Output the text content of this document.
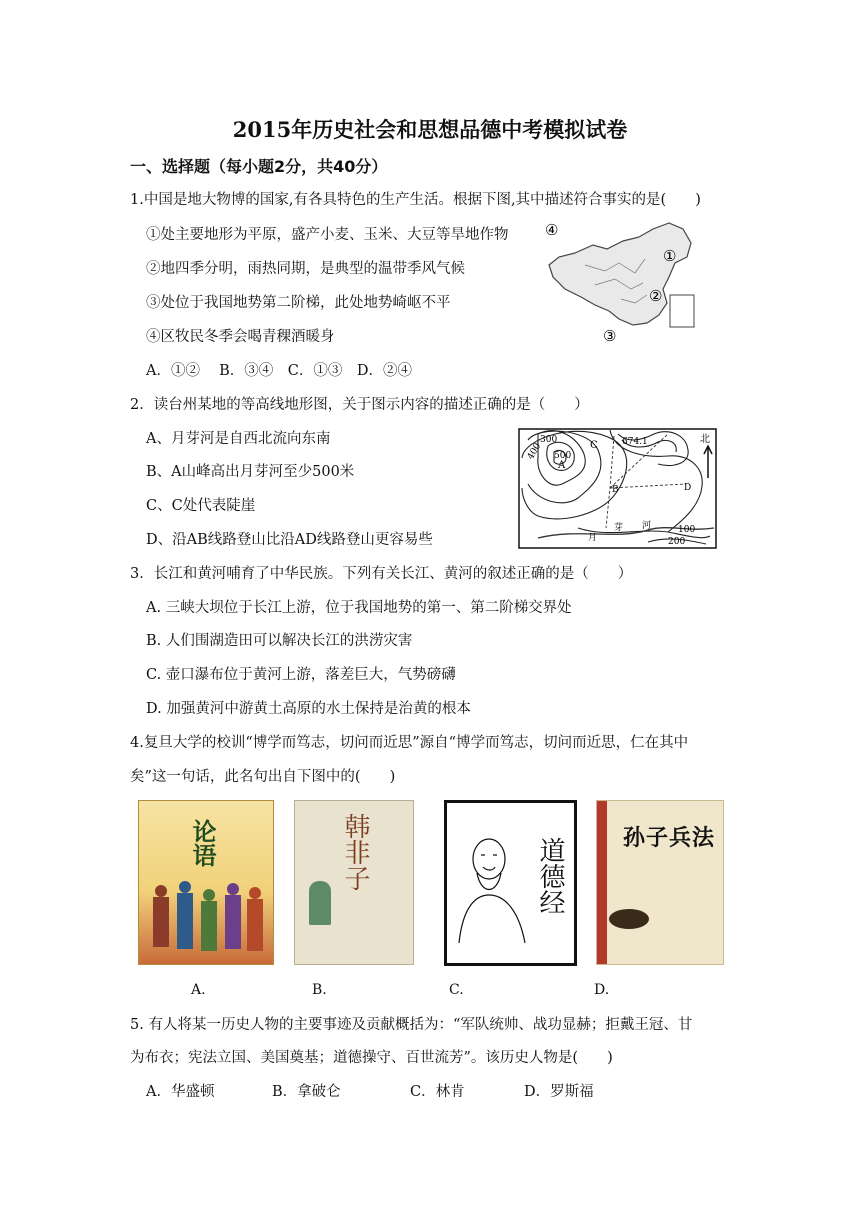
2015年历史社会和思想品德中考模拟试卷
一、选择题（每小题2分，共40分）
1.中国是地大物博的国家,有各具特色的生产生活。根据下图,其中描述符合事实的是(　　)
①处主要地形为平原，盛产小麦、玉米、大豆等旱地作物
②地四季分明，雨热同期，是典型的温带季风气候
③处位于我国地势第二阶梯，此处地势崎岖不平
④区牧民冬季会喝青稞酒暖身
A．①②　 B．③④　C．①③　D．②④
④
①
②
③
2．读台州某地的等高线地形图，关于图示内容的描述正确的是（　　）
A、月芽河是自西北流向东南
B、A山峰高出月芽河至少500米
C、C处代表陡崖
D、沿AB线路登山比沿AD线路登山更容易些
400
300
500
A
C	674.1
B	D
北
月
芽 河	100
200
3．长江和黄河哺育了中华民族。下列有关长江、黄河的叙述正确的是（　　）
A. 三峡大坝位于长江上游，位于我国地势的第一、第二阶梯交界处
B. 人们围湖造田可以解决长江的洪涝灾害
C. 壶口瀑布位于黄河上游，落差巨大，气势磅礴
D. 加强黄河中游黄土高原的水土保持是治黄的根本
4.复旦大学的校训“博学而笃志，切问而近思”源自“博学而笃志，切问而近思，仁在其中
矣”这一句话，此名句出自下图中的(　　)
论语	韩非子	道德经	孙子兵法
A.	B.	C.	D.
5. 有人将某一历史人物的主要事迹及贡献概括为：“军队统帅、战功显赫；拒戴王冠、甘
为布衣；宪法立国、美国奠基；道德操守、百世流芳”。该历史人物是(　　)
A．华盛顿	B．拿破仑	C．林肯	D．罗斯福
